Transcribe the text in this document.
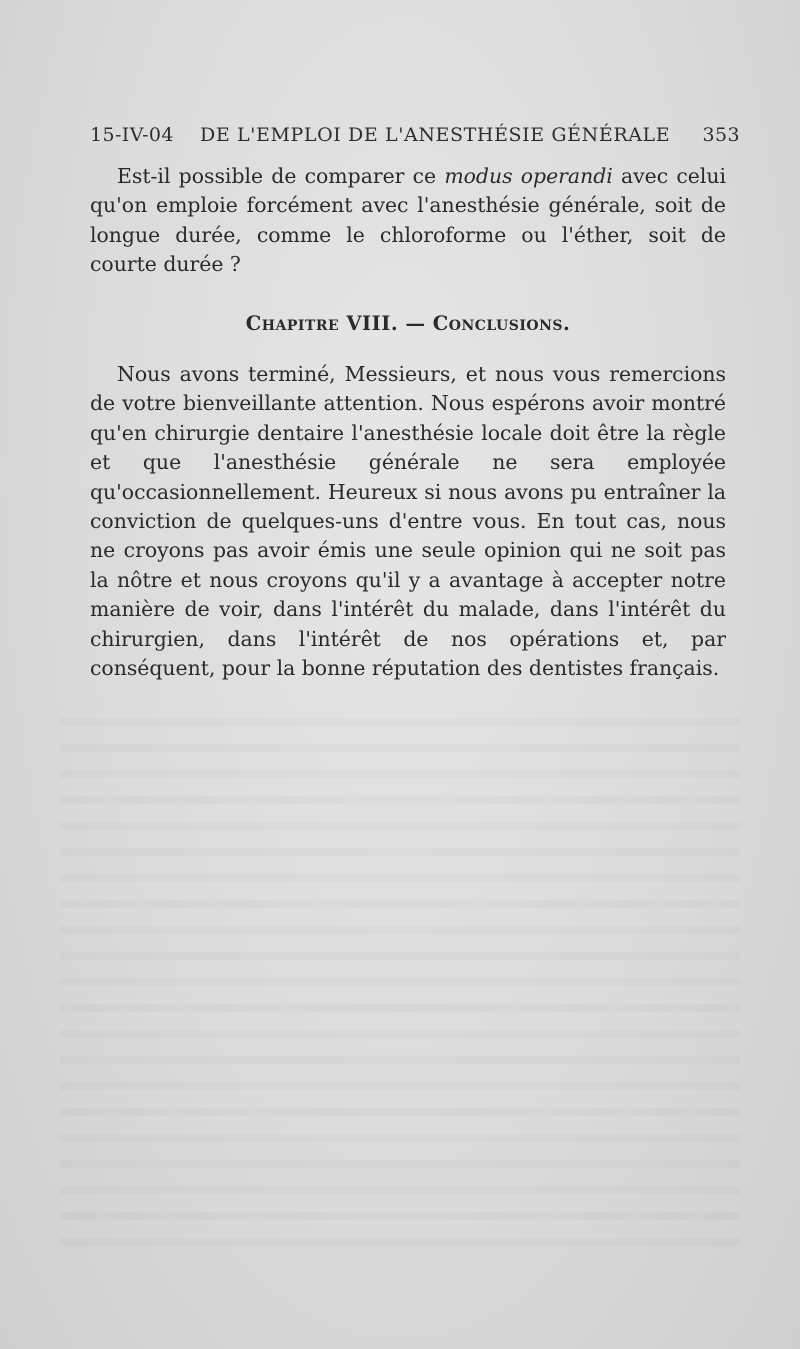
15-IV-04 DE L'EMPLOI DE L'ANESTHÉSIE GÉNÉRALE 353

Est-il possible de comparer ce modus operandi avec celui qu'on emploie forcément avec l'anesthésie générale, soit de longue durée, comme le chloroforme ou l'éther, soit de courte durée ?

Chapitre VIII. — Conclusions.

Nous avons terminé, Messieurs, et nous vous remercions de votre bienveillante attention. Nous espérons avoir montré qu'en chirurgie dentaire l'anesthésie locale doit être la règle et que l'anesthésie générale ne sera employée qu'occasionnellement. Heureux si nous avons pu entraîner la conviction de quelques-uns d'entre vous. En tout cas, nous ne croyons pas avoir émis une seule opinion qui ne soit pas la nôtre et nous croyons qu'il y a avantage à accepter notre manière de voir, dans l'intérêt du malade, dans l'intérêt du chirurgien, dans l'intérêt de nos opérations et, par conséquent, pour la bonne réputation des dentistes français.
